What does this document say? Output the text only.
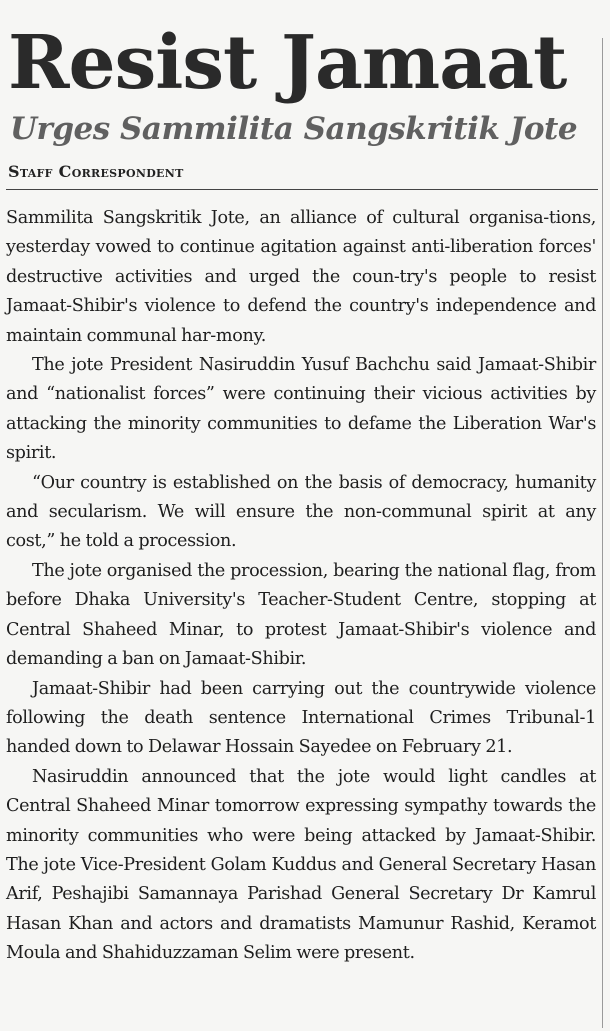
Resist Jamaat
Urges Sammilita Sangskritik Jote
Staff Correspondent

Sammilita Sangskritik Jote, an alliance of cultural organisa-tions, yesterday vowed to continue agitation against anti-liberation forces' destructive activities and urged the coun-try's people to resist Jamaat-Shibir's violence to defend the country's independence and maintain communal har-mony.

The jote President Nasiruddin Yusuf Bachchu said Jamaat-Shibir and “nationalist forces” were continuing their vicious activities by attacking the minority communities to defame the Liberation War's spirit.

“Our country is established on the basis of democracy, humanity and secularism. We will ensure the non-communal spirit at any cost,” he told a procession.

The jote organised the procession, bearing the national flag, from before Dhaka University's Teacher-Student Centre, stopping at Central Shaheed Minar, to protest Jamaat-Shibir's violence and demanding a ban on Jamaat-Shibir.

Jamaat-Shibir had been carrying out the countrywide violence following the death sentence International Crimes Tribunal-1 handed down to Delawar Hossain Sayedee on February 21.

Nasiruddin announced that the jote would light candles at Central Shaheed Minar tomorrow expressing sympathy towards the minority communities who were being attacked by Jamaat-Shibir. The jote Vice-President Golam Kuddus and General Secretary Hasan Arif, Peshajibi Samannaya Parishad General Secretary Dr Kamrul Hasan Khan and actors and dramatists Mamunur Rashid, Keramot Moula and Shahiduzzaman Selim were present.
